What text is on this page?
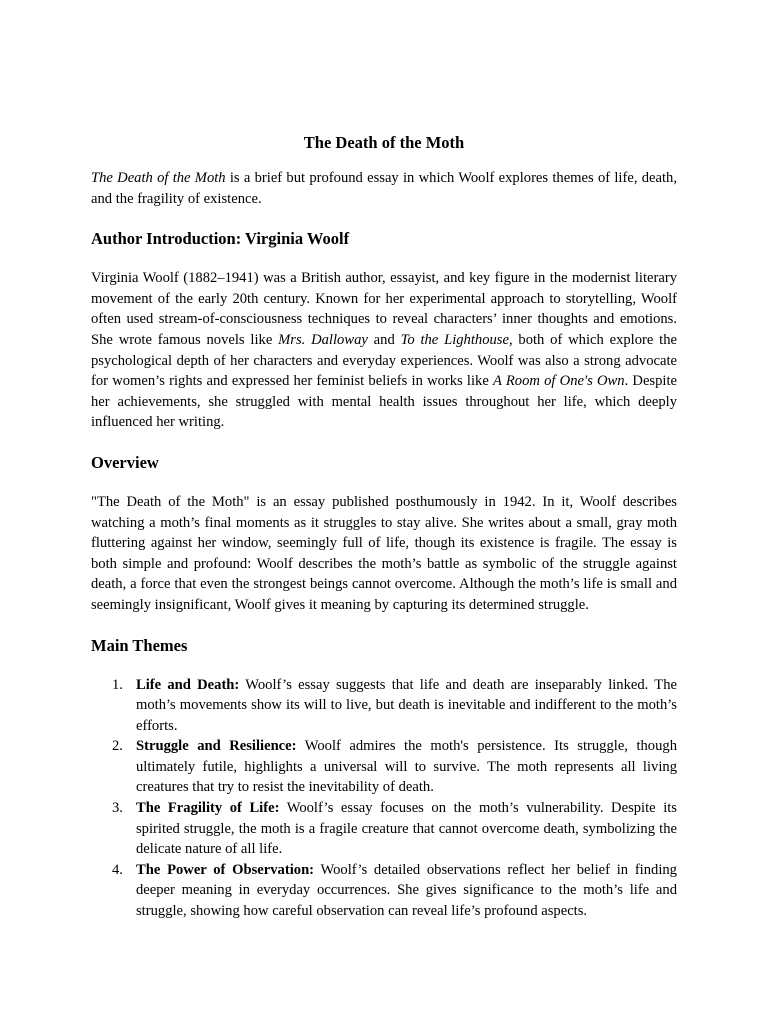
The Death of the Moth

The Death of the Moth is a brief but profound essay in which Woolf explores themes of life, death, and the fragility of existence.

Author Introduction: Virginia Woolf

Virginia Woolf (1882–1941) was a British author, essayist, and key figure in the modernist literary movement of the early 20th century. Known for her experimental approach to storytelling, Woolf often used stream-of-consciousness techniques to reveal characters’ inner thoughts and emotions. She wrote famous novels like Mrs. Dalloway and To the Lighthouse, both of which explore the psychological depth of her characters and everyday experiences. Woolf was also a strong advocate for women’s rights and expressed her feminist beliefs in works like A Room of One's Own. Despite her achievements, she struggled with mental health issues throughout her life, which deeply influenced her writing.

Overview

"The Death of the Moth" is an essay published posthumously in 1942. In it, Woolf describes watching a moth’s final moments as it struggles to stay alive. She writes about a small, gray moth fluttering against her window, seemingly full of life, though its existence is fragile. The essay is both simple and profound: Woolf describes the moth’s battle as symbolic of the struggle against death, a force that even the strongest beings cannot overcome. Although the moth’s life is small and seemingly insignificant, Woolf gives it meaning by capturing its determined struggle.

Main Themes
1. Life and Death: Woolf’s essay suggests that life and death are inseparably linked. The moth’s movements show its will to live, but death is inevitable and indifferent to the moth’s efforts.
2. Struggle and Resilience: Woolf admires the moth's persistence. Its struggle, though ultimately futile, highlights a universal will to survive. The moth represents all living creatures that try to resist the inevitability of death.
3. The Fragility of Life: Woolf’s essay focuses on the moth’s vulnerability. Despite its spirited struggle, the moth is a fragile creature that cannot overcome death, symbolizing the delicate nature of all life.
4. The Power of Observation: Woolf’s detailed observations reflect her belief in finding deeper meaning in everyday occurrences. She gives significance to the moth’s life and struggle, showing how careful observation can reveal life’s profound aspects.
